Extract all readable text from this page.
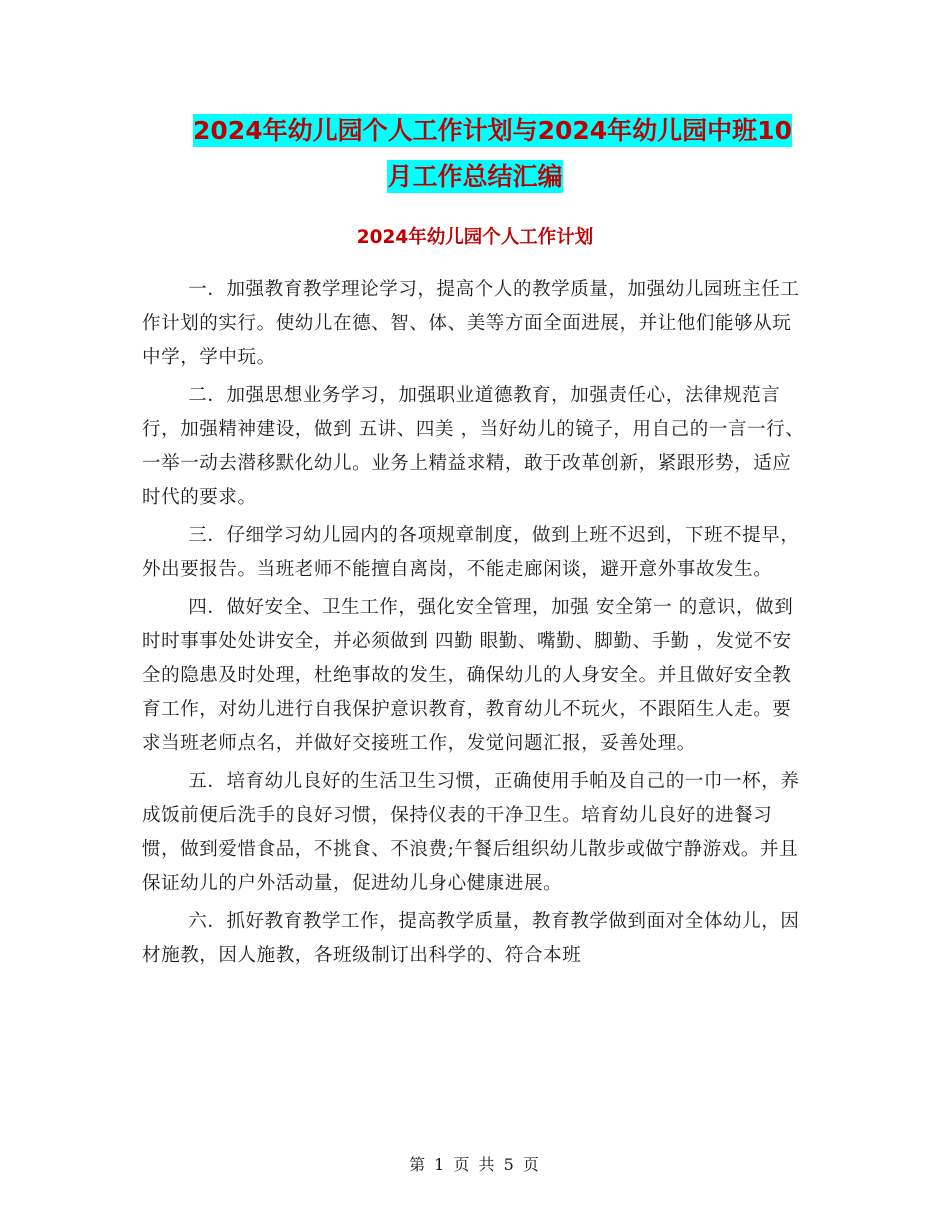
2024年幼儿园个人工作计划与2024年幼儿园中班10
月工作总结汇编
2024年幼儿园个人工作计划

一．加强教育教学理论学习，提高个人的教学质量，加强幼儿园班主任工作计划的实行。使幼儿在德、智、体、美等方面全面进展，并让他们能够从玩中学，学中玩。

二．加强思想业务学习，加强职业道德教育，加强责任心，法律规范言行，加强精神建设，做到 五讲、四美 ，当好幼儿的镜子，用自己的一言一行、一举一动去潜移默化幼儿。业务上精益求精，敢于改革创新，紧跟形势，适应时代的要求。

三．仔细学习幼儿园内的各项规章制度，做到上班不迟到，下班不提早，外出要报告。当班老师不能擅自离岗，不能走廊闲谈，避开意外事故发生。

四．做好安全、卫生工作，强化安全管理，加强 安全第一 的意识，做到时时事事处处讲安全，并必须做到 四勤 眼勤、嘴勤、脚勤、手勤 ，发觉不安全的隐患及时处理，杜绝事故的发生，确保幼儿的人身安全。并且做好安全教育工作，对幼儿进行自我保护意识教育，教育幼儿不玩火，不跟陌生人走。要求当班老师点名，并做好交接班工作，发觉问题汇报，妥善处理。

五．培育幼儿良好的生活卫生习惯，正确使用手帕及自己的一巾一杯，养成饭前便后洗手的良好习惯，保持仪表的干净卫生。培育幼儿良好的进餐习惯，做到爱惜食品，不挑食、不浪费;午餐后组织幼儿散步或做宁静游戏。并且保证幼儿的户外活动量，促进幼儿身心健康进展。

六．抓好教育教学工作，提高教学质量，教育教学做到面对全体幼儿，因材施教，因人施教，各班级制订出科学的、符合本班

第 1 页 共 5 页
